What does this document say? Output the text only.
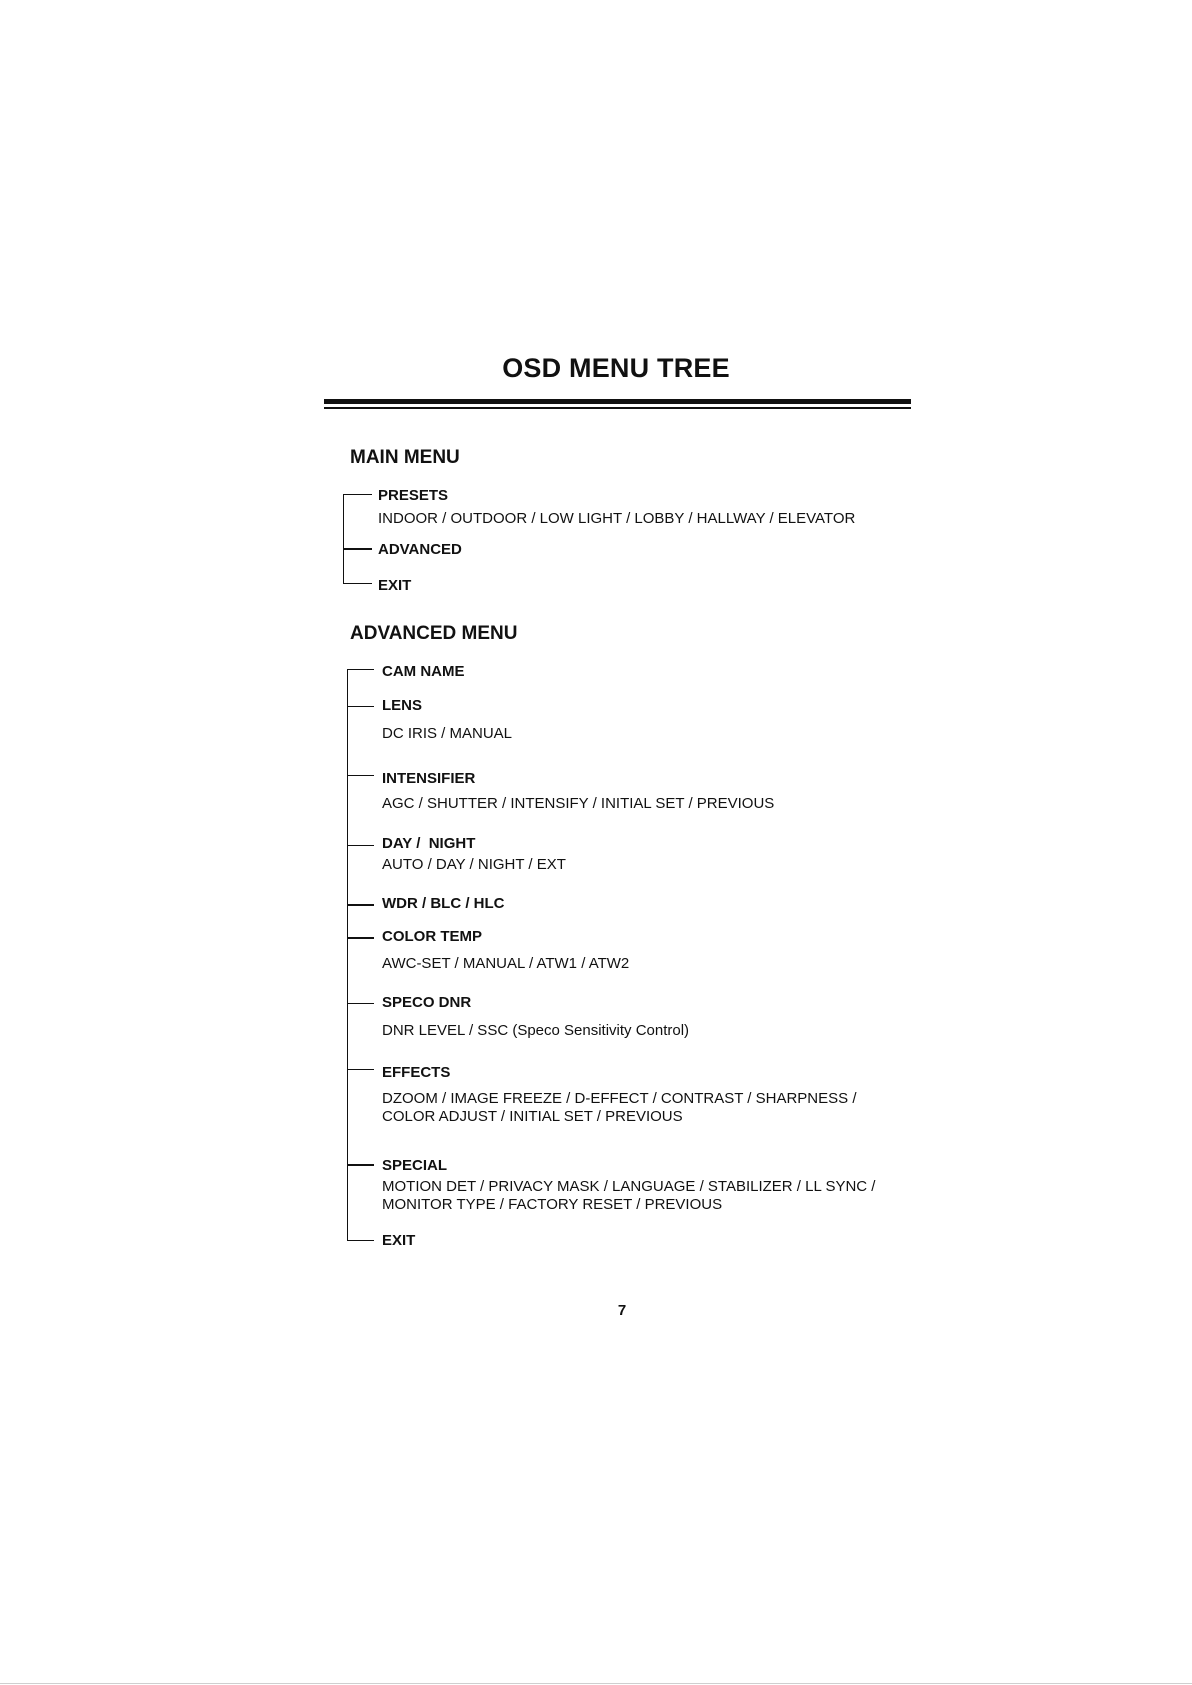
OSD MENU TREE
MAIN MENU
PRESETS
INDOOR / OUTDOOR / LOW LIGHT / LOBBY / HALLWAY / ELEVATOR
ADVANCED
EXIT
ADVANCED MENU
CAM NAME
LENS
DC IRIS / MANUAL
INTENSIFIER
AGC / SHUTTER / INTENSIFY / INITIAL SET / PREVIOUS
DAY /  NIGHT
AUTO / DAY / NIGHT / EXT
WDR / BLC / HLC
COLOR TEMP
AWC-SET / MANUAL / ATW1 / ATW2
SPECO DNR
DNR LEVEL / SSC (Speco Sensitivity Control)
EFFECTS
DZOOM / IMAGE FREEZE / D-EFFECT / CONTRAST / SHARPNESS /
COLOR ADJUST / INITIAL SET / PREVIOUS
SPECIAL
MOTION DET / PRIVACY MASK / LANGUAGE / STABILIZER / LL SYNC /
MONITOR TYPE / FACTORY RESET / PREVIOUS
EXIT
7
